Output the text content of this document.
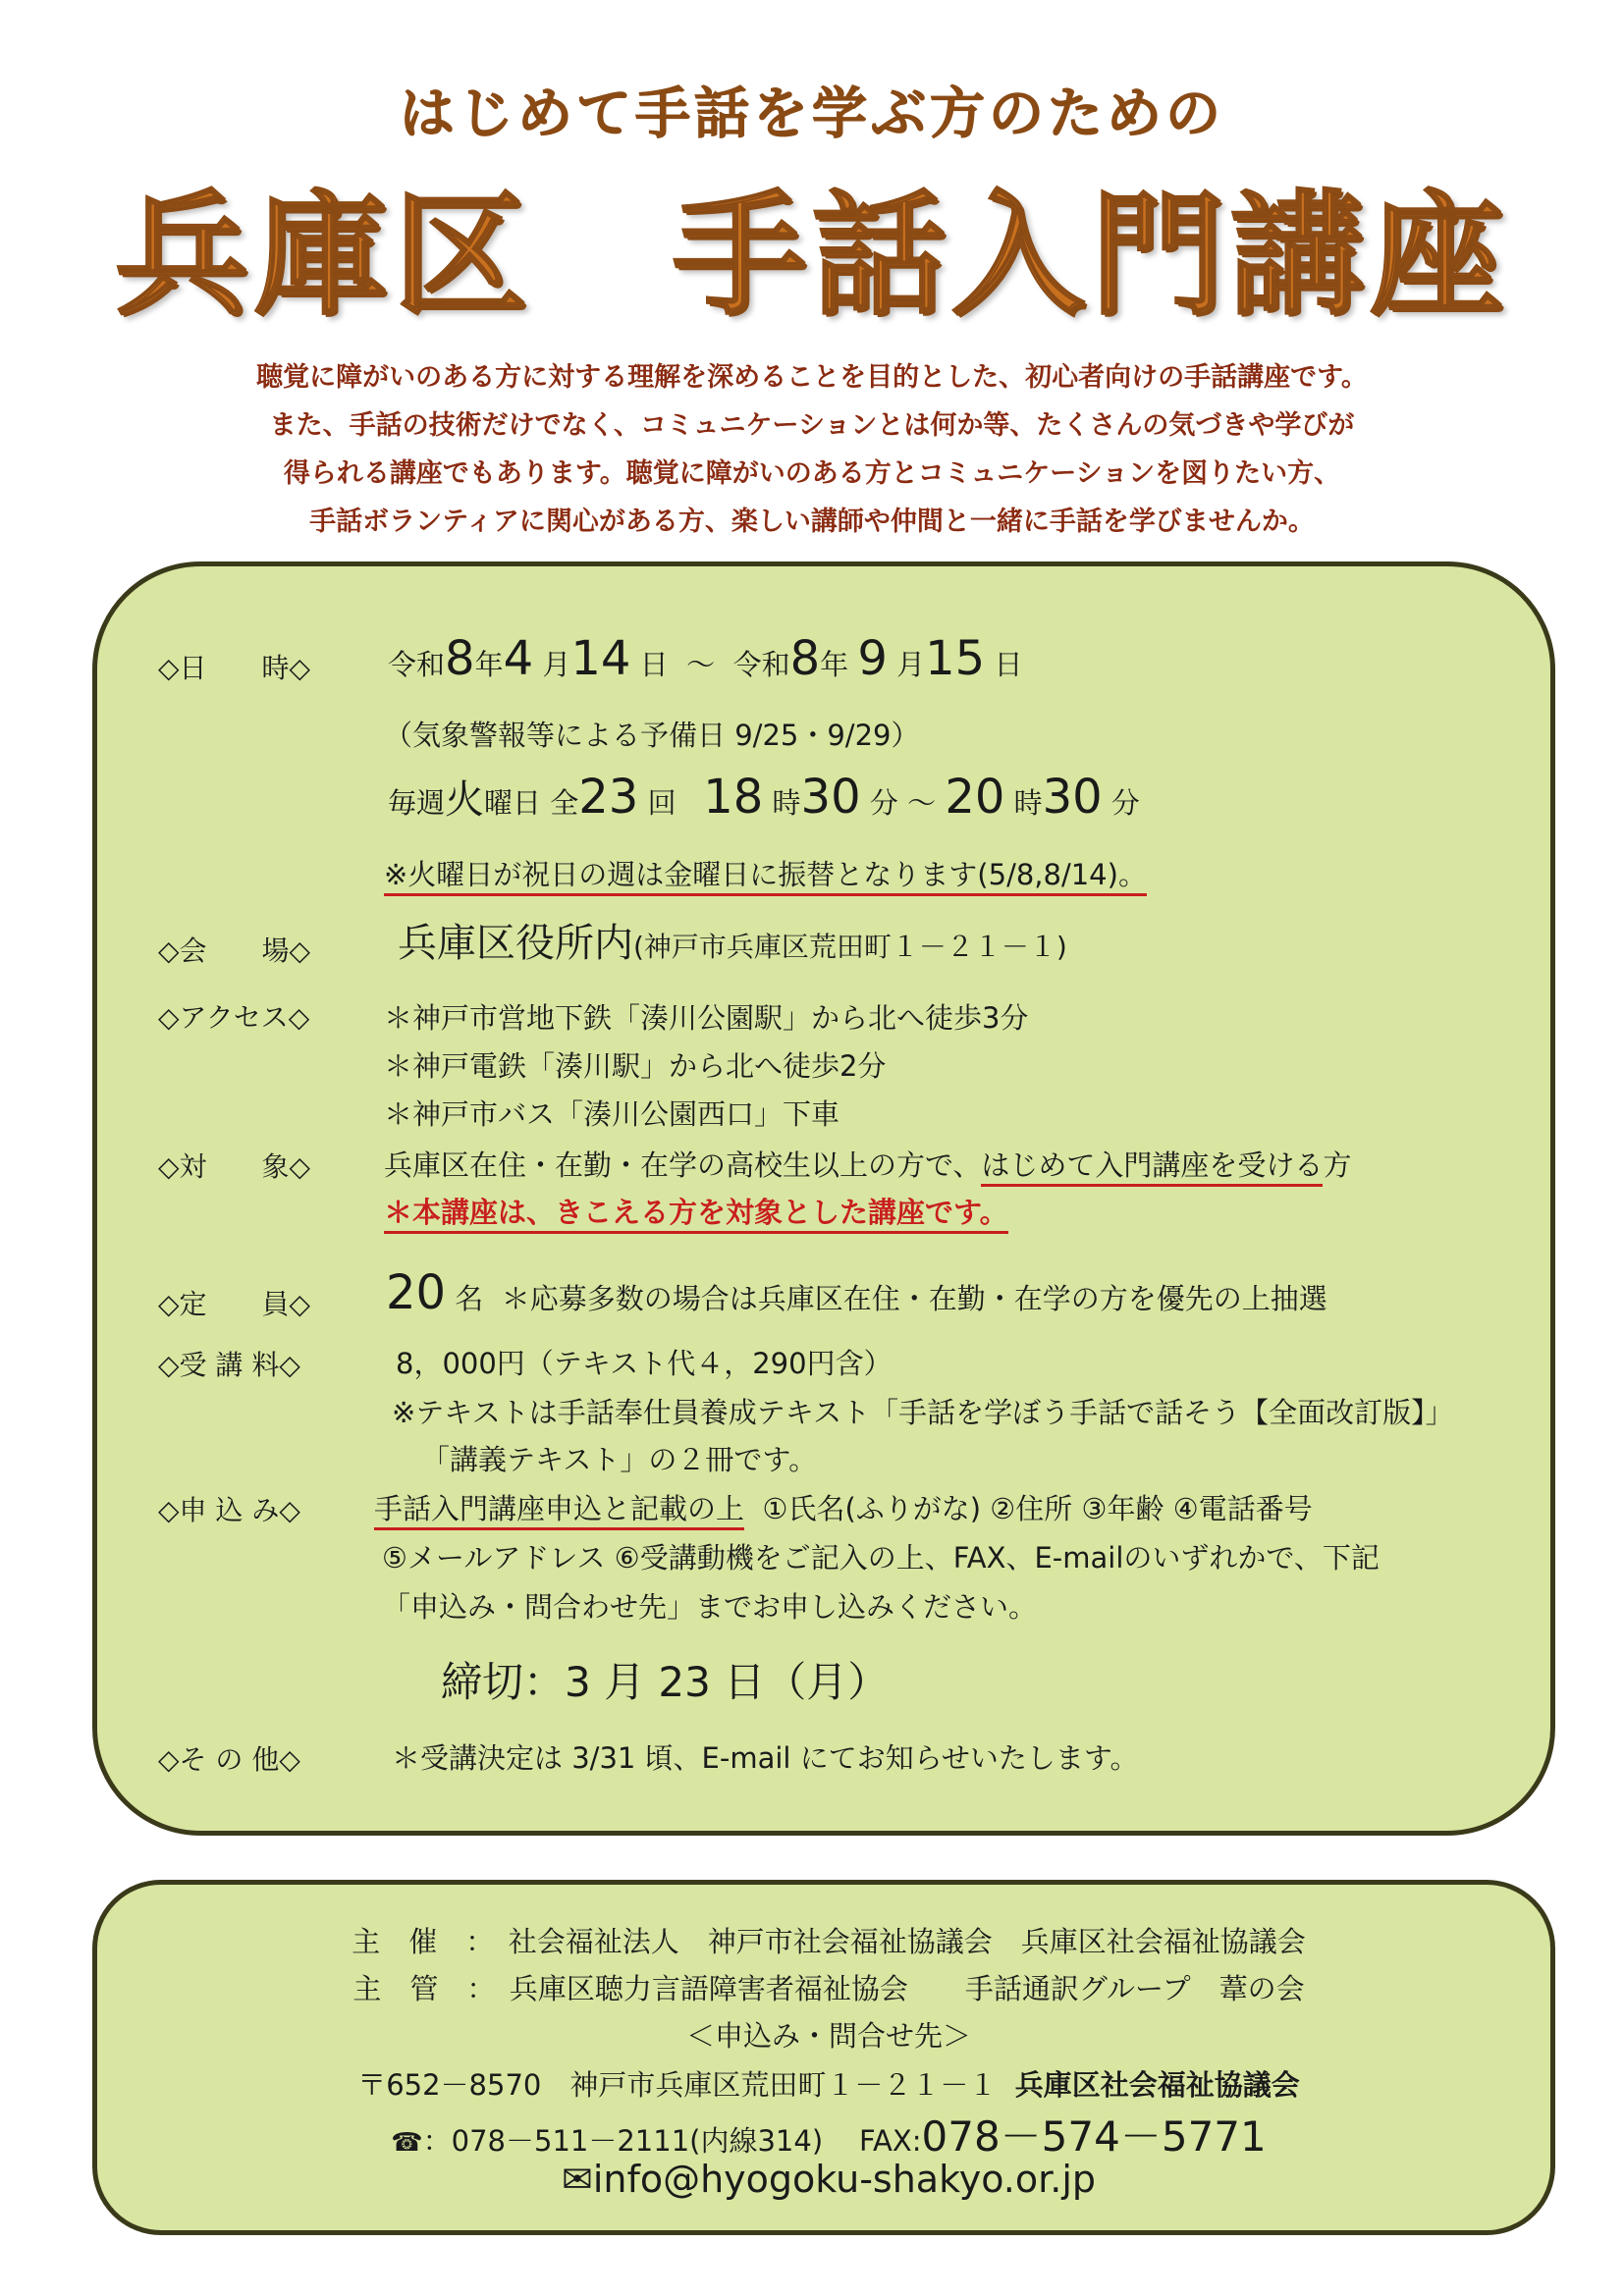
はじめて手話を学ぶ方のための
兵庫区　手話入門講座
聴覚に障がいのある方に対する理解を深めることを目的とした、初心者向けの手話講座です。
また、手話の技術だけでなく、コミュニケーションとは何か等、たくさんの気づきや学びが
得られる講座でもあります。聴覚に障がいのある方とコミュニケーションを図りたい方、
手話ボランティアに関心がある方、楽しい講師や仲間と一緒に手話を学びませんか。
◇日　　時◇	令和8年4 月14 日 ～ 令和8年 9 月15 日
（気象警報等による予備日 9/25・9/29）
毎週火曜日 全23 回 18 時30 分 ～ 20 時30 分
※火曜日が祝日の週は金曜日に振替となります(5/8,8/14)。
◇会　　場◇ 兵庫区役所内(神戸市兵庫区荒田町１－２１－１)
◇アクセス◇	＊神戸市営地下鉄「湊川公園駅」から北へ徒歩3分
＊神戸電鉄「湊川駅」から北へ徒歩2分
＊神戸市バス「湊川公園西口」下車
◇対　　象◇	兵庫区在住・在勤・在学の高校生以上の方で、はじめて入門講座を受ける方
＊本講座は、きこえる方を対象とした講座です。
◇定　　員◇ 20 名 ＊応募多数の場合は兵庫区在住・在勤・在学の方を優先の上抽選
◇受 講 料◇	8，000円（テキスト代４，290円含）
※テキストは手話奉仕員養成テキスト「手話を学ぼう手話で話そう【全面改訂版】」
「講義テキスト」の２冊です。
◇申 込 み◇	手話入門講座申込と記載の上 ①氏名(ふりがな) ②住所 ③年齢 ④電話番号
⑤メールアドレス ⑥受講動機をご記入の上、FAX、E-mailのいずれかで、下記
「申込み・問合わせ先」までお申し込みください。
締切：3 月 23 日（月）
◇そ の 他◇	＊受講決定は 3/31 頃、E-mail にてお知らせいたします。
主　催　：　社会福祉法人　神戸市社会福祉協議会　兵庫区社会福祉協議会
主　管　：　兵庫区聴力言語障害者福祉協会　　手話通訳グループ　葦の会
＜申込み・問合せ先＞
〒652－8570　神戸市兵庫区荒田町１－２１－１ 兵庫区社会福祉協議会
☎：078－511－2111(内線314) FAX:078－574－5771
✉info@hyogoku-shakyo.or.jp
